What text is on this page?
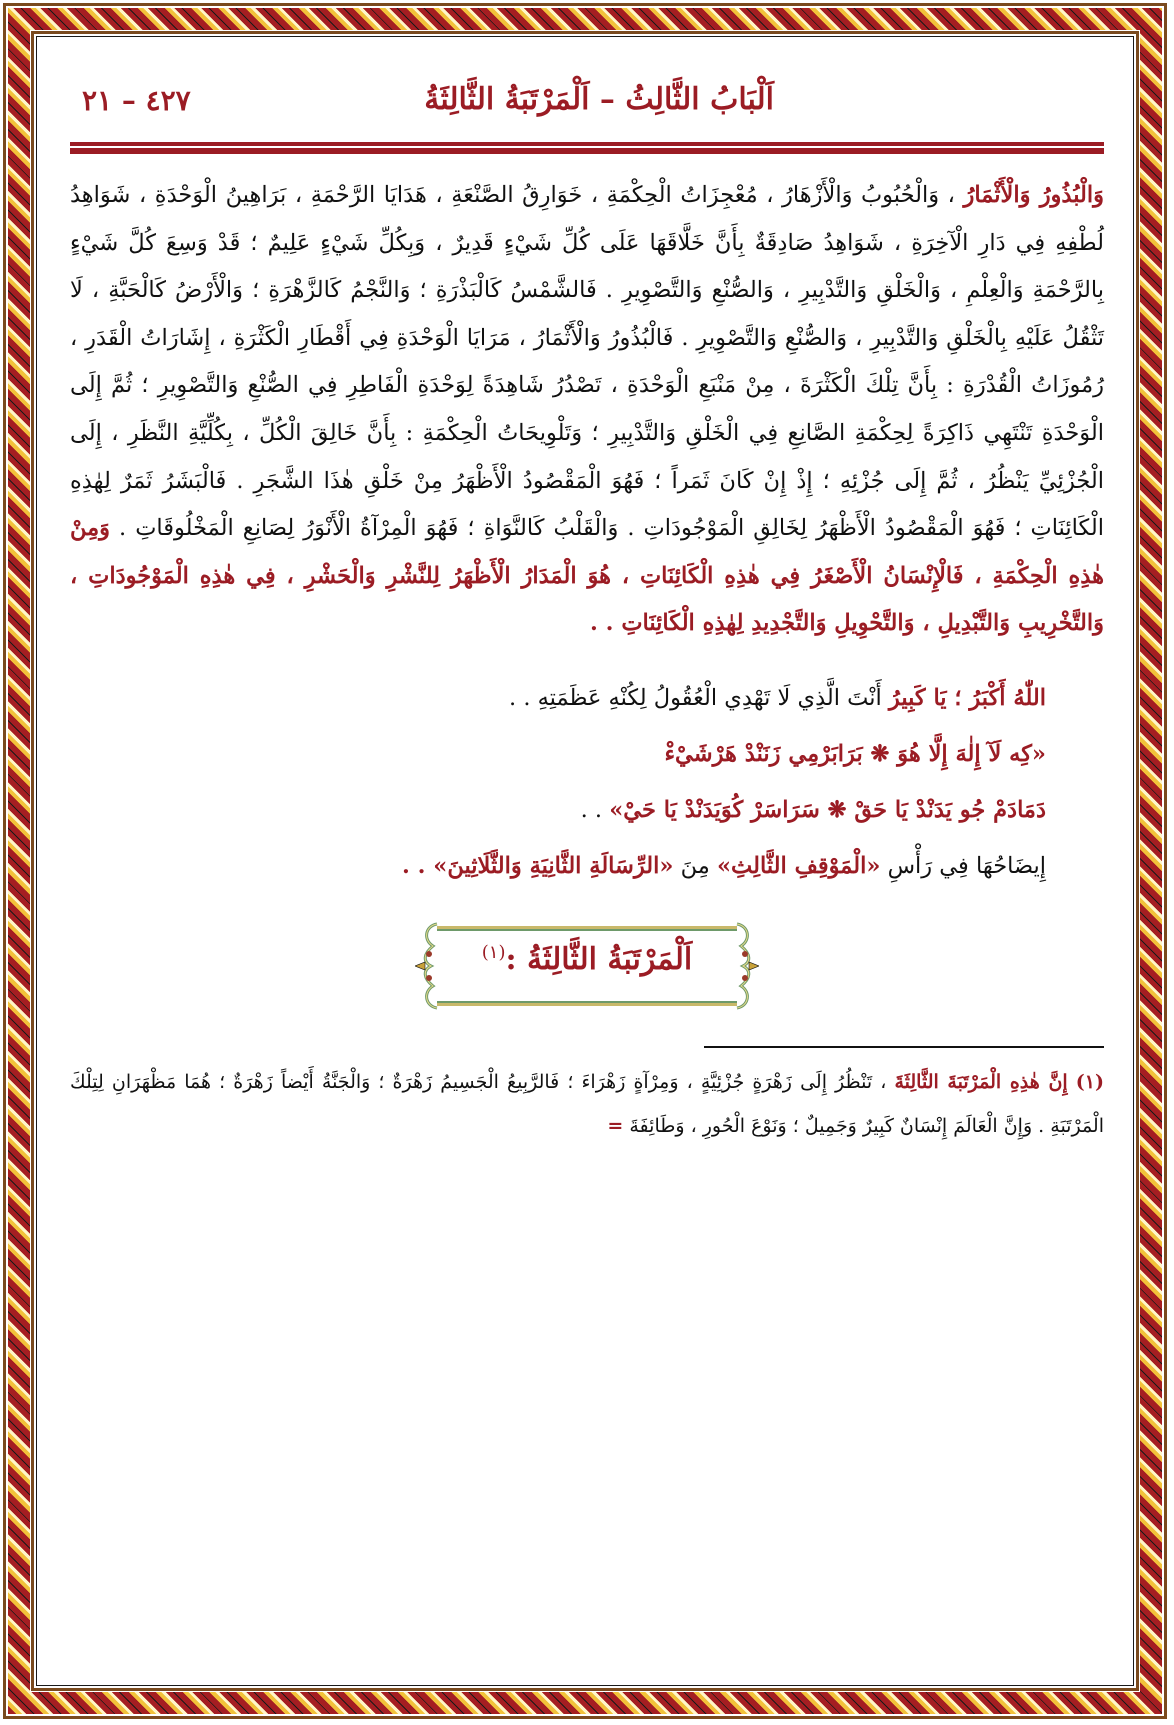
اَلْبَابُ الثَّالِثُ – اَلْمَرْتَبَةُ الثَّالِثَةُ
٤٢٧ – ٢١

وَالْبُذُورُ وَالْأَثْمَارُ ، وَالْحُبُوبُ وَالْأَزْهَارُ ، مُعْجِزَاتُ الْحِكْمَةِ ، خَوَارِقُ الصَّنْعَةِ ، هَدَايَا الرَّحْمَةِ ، بَرَاهِينُ الْوَحْدَةِ ، شَوَاهِدُ لُطْفِهِ فِي دَارِ الْآخِرَةِ ، شَوَاهِدُ صَادِقَةٌ بِأَنَّ خَلَّاقَهَا عَلَى كُلِّ شَيْءٍ قَدِيرٌ ، وَبِكُلِّ شَيْءٍ عَلِيمٌ ؛ قَدْ وَسِعَ كُلَّ شَيْءٍ بِالرَّحْمَةِ وَالْعِلْمِ ، وَالْخَلْقِ وَالتَّدْبِيرِ ، وَالصُّنْعِ وَالتَّصْوِيرِ . فَالشَّمْسُ كَالْبَذْرَةِ ؛ وَالنَّجْمُ كَالزَّهْرَةِ ؛ وَالْأَرْضُ كَالْحَبَّةِ ، لَا تَثْقُلُ عَلَيْهِ بِالْخَلْقِ وَالتَّدْبِيرِ ، وَالصُّنْعِ وَالتَّصْوِيرِ . فَالْبُذُورُ وَالْأَثْمَارُ ، مَرَايَا الْوَحْدَةِ فِي أَقْطَارِ الْكَثْرَةِ ، إِشَارَاتُ الْقَدَرِ ، رُمُوزَاتُ الْقُدْرَةِ : بِأَنَّ تِلْكَ الْكَثْرَةَ ، مِنْ مَنْبَعِ الْوَحْدَةِ ، تَصْدُرُ شَاهِدَةً لِوَحْدَةِ الْفَاطِرِ فِي الصُّنْعِ وَالتَّصْوِيرِ ؛ ثُمَّ إِلَى الْوَحْدَةِ تَنْتَهِي ذَاكِرَةً لِحِكْمَةِ الصَّانِعِ فِي الْخَلْقِ وَالتَّدْبِيرِ ؛ وَتَلْوِيحَاتُ الْحِكْمَةِ : بِأَنَّ خَالِقَ الْكُلِّ ، بِكُلِّيَّةِ النَّظَرِ ، إِلَى الْجُزْئِيِّ يَنْظُرُ ، ثُمَّ إِلَى جُزْئِهِ ؛ إِذْ إِنْ كَانَ ثَمَراً ؛ فَهُوَ الْمَقْصُودُ الْأَظْهَرُ مِنْ خَلْقِ هٰذَا الشَّجَرِ . فَالْبَشَرُ ثَمَرٌ لِهٰذِهِ الْكَائِنَاتِ ؛ فَهُوَ الْمَقْصُودُ الْأَظْهَرُ لِخَالِقِ الْمَوْجُودَاتِ . وَالْقَلْبُ كَالنَّوَاةِ ؛ فَهُوَ الْمِرْآةُ الْأَنْوَرُ لِصَانِعِ الْمَخْلُوقَاتِ . وَمِنْ هٰذِهِ الْحِكْمَةِ ، فَالْإِنْسَانُ الْأَصْغَرُ فِي هٰذِهِ الْكَائِنَاتِ ، هُوَ الْمَدَارُ الْأَظْهَرُ لِلنَّشْرِ وَالْحَشْرِ ، فِي هٰذِهِ الْمَوْجُودَاتِ ، وَالتَّخْرِيبِ وَالتَّبْدِيلِ ، وَالتَّحْوِيلِ وَالتَّجْدِيدِ لِهٰذِهِ الْكَائِنَاتِ . .

اللّٰهُ أَكْبَرُ ؛ يَا كَبِيرُ أَنْتَ الَّذِي لَا تَهْدِي الْعُقُولُ لِكُنْهِ عَظَمَتِهِ . .
«كِه لَآ إِلٰهَ إِلَّا هُوَ ❋ بَرَابَرْمِي زَنَنْدْ هَرْشَيْءْ
دَمَادَمْ جُو يَدَنْدْ يَا حَقْ ❋ سَرَاسَرْ كُوَيَدَنْدْ يَا حَيْ» . .
إِيضَاحُهَا فِي رَأْسِ «الْمَوْقِفِ الثَّالِثِ» مِنَ «الرِّسَالَةِ الثَّانِيَةِ وَالثَّلَاثِينَ» . .
اَلْمَرْتَبَةُ الثَّالِثَةُ :$^{(١)}$

(١) إِنَّ هٰذِهِ الْمَرْتَبَةَ الثَّالِثَةَ ، تَنْظُرُ إِلَى زَهْرَةٍ جُزْئِيَّةٍ ، وَمِرْآةٍ زَهْرَاءَ ؛ فَالرَّبِيعُ الْجَسِيمُ زَهْرَةٌ ؛ وَالْجَنَّةُ أَيْضاً زَهْرَةٌ ؛ هُمَا مَظْهَرَانِ لِتِلْكَ الْمَرْتَبَةِ . وَإِنَّ الْعَالَمَ إِنْسَانٌ كَبِيرٌ وَجَمِيلٌ ؛ وَنَوْعَ الْحُورِ ، وَطَائِفَةَ =
